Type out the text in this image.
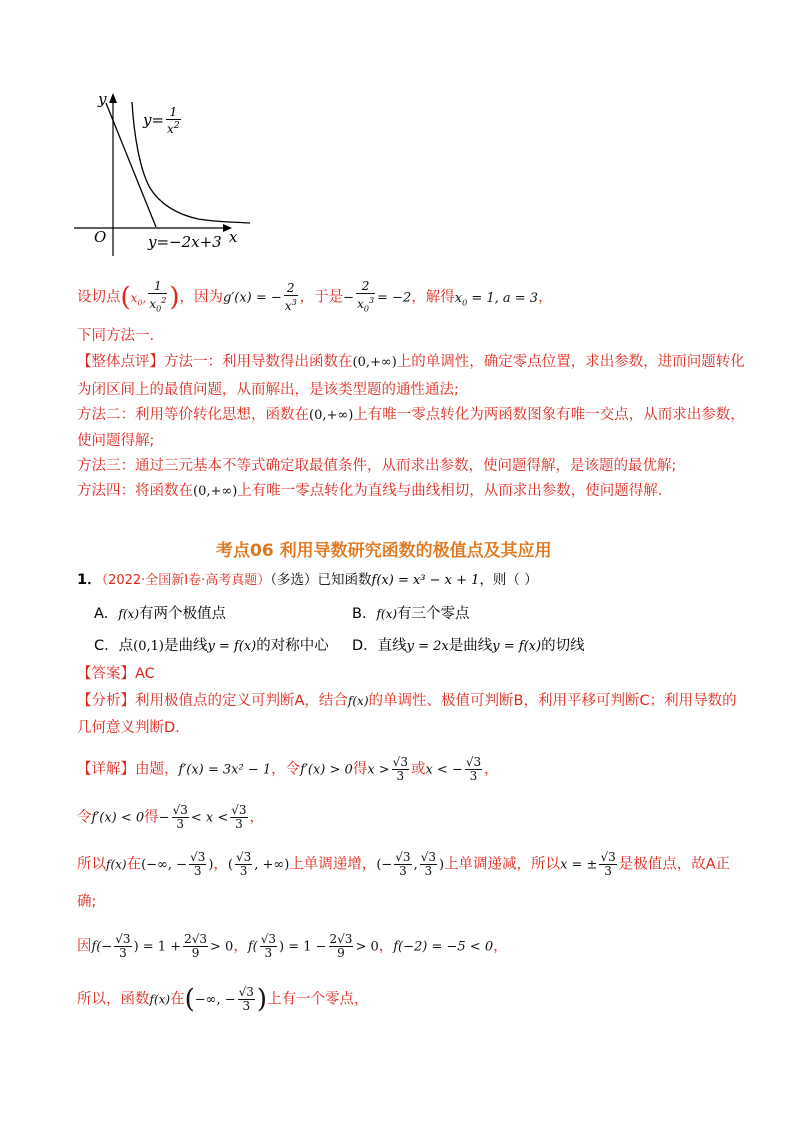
y
x
O
$y= \frac{1}{x^2}$
y=−2x+3
设切点($x_0$, $\frac{1}{x_0^2}$ )，因为g′(x) = − $\frac{2}{x^3}$ ，于是− $\frac{2}{x_0^3} = -2$，解得$x_0 = 1$, a = 3，
下同方法一.
【整体点评】方法一：利用导数得出函数在(0,+∞)上的单调性，确定零点位置，求出参数，进而问题转化
为闭区间上的最值问题，从而解出，是该类型题的通性通法;
方法二：利用等价转化思想，函数在(0,+∞)上有唯一零点转化为两函数图象有唯一交点，从而求出参数，
使问题得解;
方法三：通过三元基本不等式确定取最值条件，从而求出参数，使问题得解，是该题的最优解;
方法四：将函数在(0,+∞)上有唯一零点转化为直线与曲线相切，从而求出参数，使问题得解.
考点06 利用导数研究函数的极值点及其应用
1．（2022·全国新Ⅰ卷·高考真题）（多选）已知函数f(x) = x³ − x + 1，则（ ）
A．f(x)有两个极值点	B．f(x)有三个零点
C．点(0,1)是曲线y = f(x)的对称中心 D．直线y = 2x是曲线y = f(x)的切线
【答案】AC
【分析】利用极值点的定义可判断A，结合f(x)的单调性、极值可判断B，利用平移可判断C；利用导数的
几何意义判断D.
【详解】由题，f′(x) = 3x² − 1，令f′(x) > 0得$x > \frac{√3}{3}$ 或x < − $\frac{√3}{3}$ ，
令f′(x) < 0得− $\frac{√3}{3} < x < \frac{√3}{3}$ ，
所以f(x)在(−∞, − $\frac{√3}{3}$ )，( $\frac{√3}{3}$ , +∞)上单调递增，(− $\frac{√3}{3}$ , $\frac{√3}{3}$ )上单调递减，所以x = ± $\frac{√3}{3}$ 是极值点，故A正
确;
因$f(- \frac{√3}{3}$ ) = $1 + \frac{2√3}{9} > 0$，$f( \frac{√3}{3}$ ) = $1 - \frac{2√3}{9} > 0$，f(−2) = −5 < 0，
所以，函数f(x)在(−∞, − $\frac{√3}{3}$ )上有一个零点，
